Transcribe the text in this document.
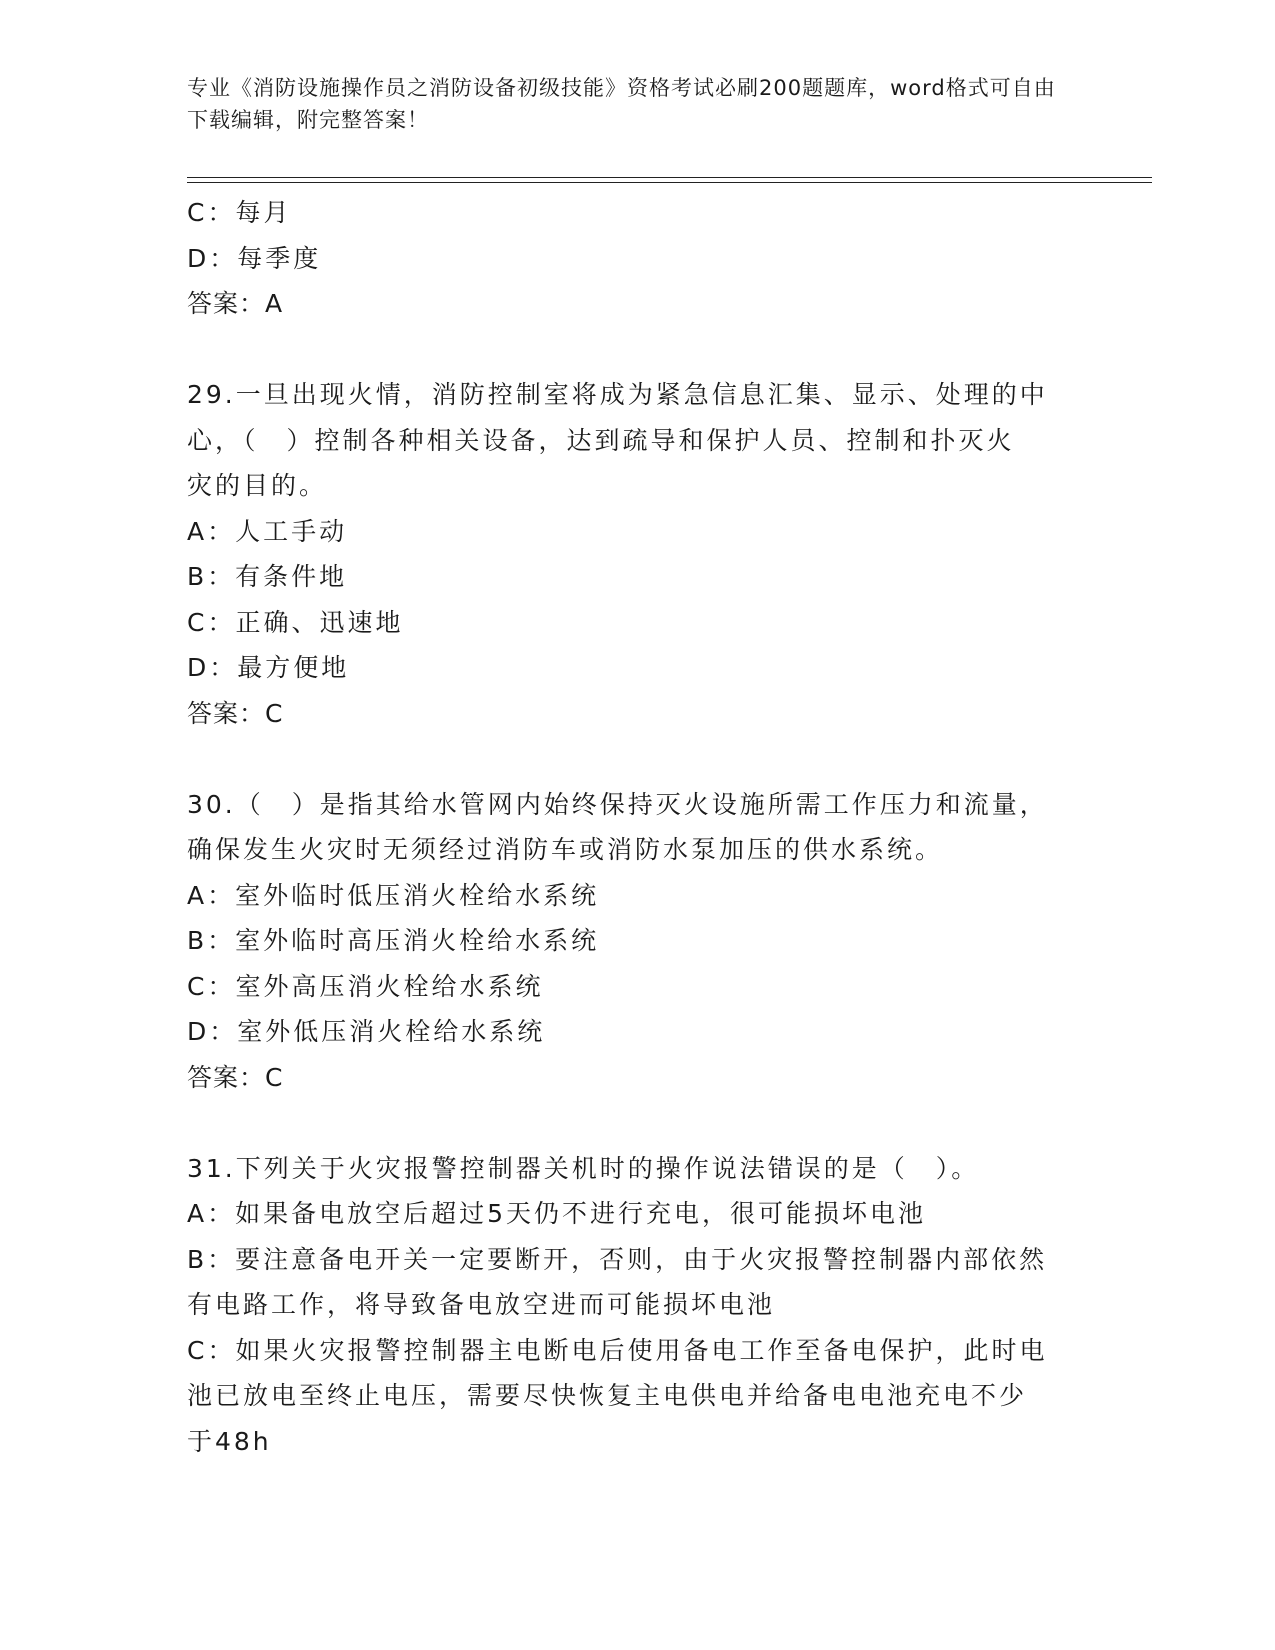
专业《消防设施操作员之消防设备初级技能》资格考试必刷200题题库，word格式可自由下载编辑，附完整答案！
C：每月
D：每季度
答案：A
29.一旦出现火情，消防控制室将成为紧急信息汇集、显示、处理的中
心，（　）控制各种相关设备，达到疏导和保护人员、控制和扑灭火
灾的目的。
A：人工手动
B：有条件地
C：正确、迅速地
D：最方便地
答案：C
30.（　）是指其给水管网内始终保持灭火设施所需工作压力和流量，
确保发生火灾时无须经过消防车或消防水泵加压的供水系统。
A：室外临时低压消火栓给水系统
B：室外临时高压消火栓给水系统
C：室外高压消火栓给水系统
D：室外低压消火栓给水系统
答案：C
31.下列关于火灾报警控制器关机时的操作说法错误的是（　）。
A：如果备电放空后超过5天仍不进行充电，很可能损坏电池
B：要注意备电开关一定要断开，否则，由于火灾报警控制器内部依然
有电路工作，将导致备电放空进而可能损坏电池
C：如果火灾报警控制器主电断电后使用备电工作至备电保护，此时电
池已放电至终止电压，需要尽快恢复主电供电并给备电电池充电不少
于48h
